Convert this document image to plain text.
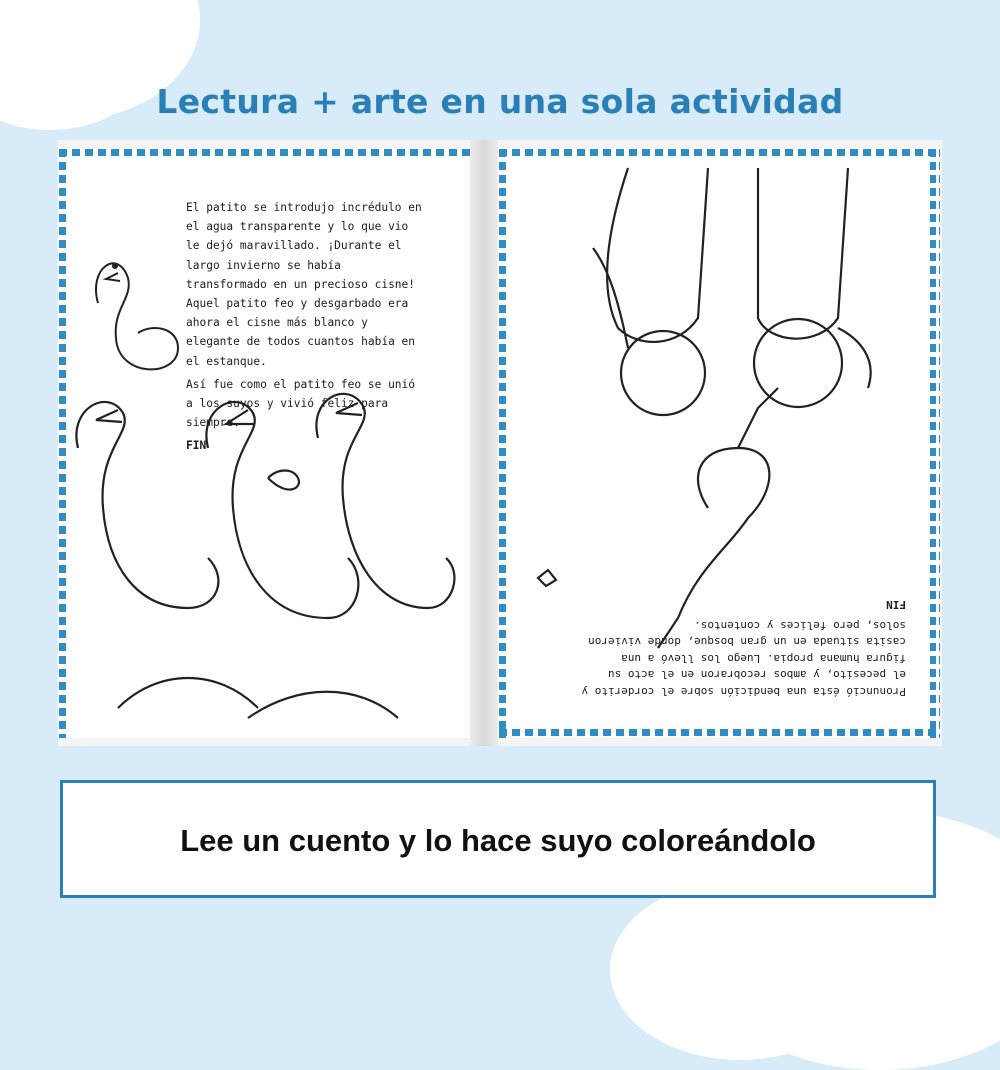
Lectura + arte en una sola actividad

El patito se introdujo incrédulo en el agua transparente y lo que vio le dejó maravillado. ¡Durante el largo invierno se había transformado en un precioso cisne! Aquel patito feo y desgarbado era ahora el cisne más blanco y elegante de todos cuantos había en el estanque.

Así fue como el patito feo se unió a los suyos y vivió feliz para siempre.

FIN
Pronunció ésta una bendición sobre el corderito y el pecesito, y ambos recobraron en el acto su figura humana propia. Luego los llevó a una casita situada en un gran bosque, donde vivieron solos, pero felices y contentos.
FIN
Lee un cuento y lo hace suyo coloreándolo
